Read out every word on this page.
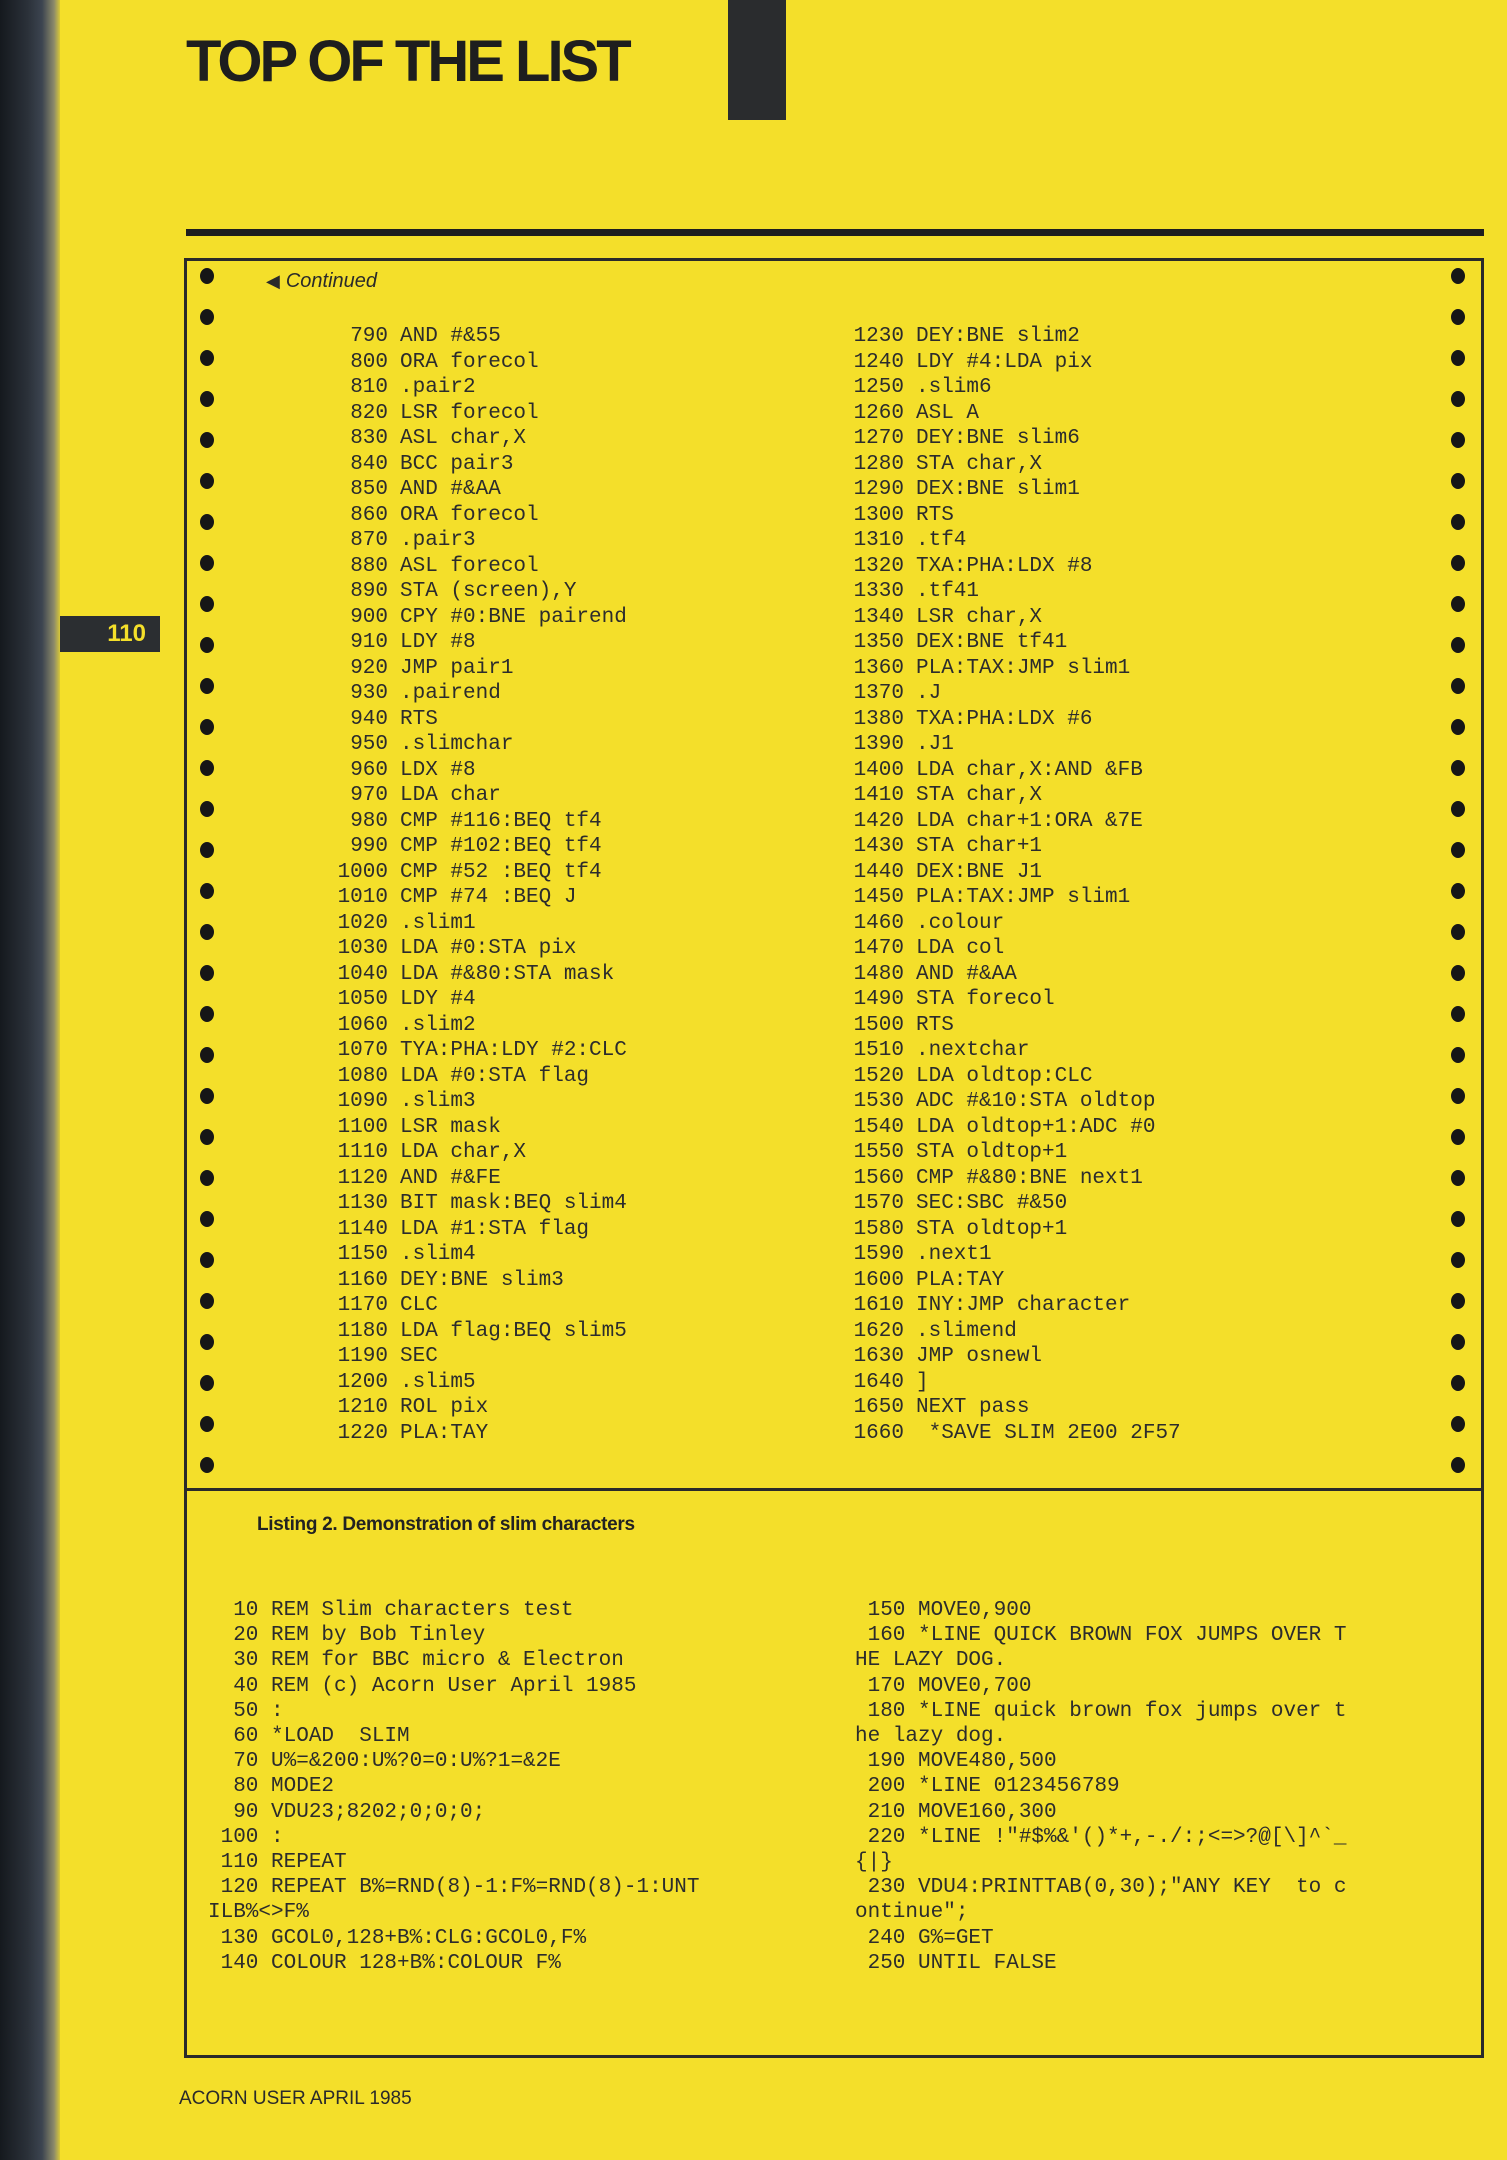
TOP OF THE LIST
110
◀ Continued
790 AND #&55
800 ORA forecol
810 .pair2
820 LSR forecol
830 ASL char,X
840 BCC pair3
850 AND #&AA
860 ORA forecol
870 .pair3
880 ASL forecol
890 STA (screen),Y
900 CPY #0:BNE pairend
910 LDY #8
920 JMP pair1
930 .pairend
940 RTS
950 .slimchar
960 LDX #8
970 LDA char
980 CMP #116:BEQ tf4
990 CMP #102:BEQ tf4
1000 CMP #52 :BEQ tf4
1010 CMP #74 :BEQ J
1020 .slim1
1030 LDA #0:STA pix
1040 LDA #&80:STA mask
1050 LDY #4
1060 .slim2
1070 TYA:PHA:LDY #2:CLC
1080 LDA #0:STA flag
1090 .slim3
1100 LSR mask
1110 LDA char,X
1120 AND #&FE
1130 BIT mask:BEQ slim4
1140 LDA #1:STA flag
1150 .slim4
1160 DEY:BNE slim3
1170 CLC
1180 LDA flag:BEQ slim5
1190 SEC
1200 .slim5
1210 ROL pix
1220 PLA:TAY
1230 DEY:BNE slim2
1240 LDY #4:LDA pix
1250 .slim6
1260 ASL A
1270 DEY:BNE slim6
1280 STA char,X
1290 DEX:BNE slim1
1300 RTS
1310 .tf4
1320 TXA:PHA:LDX #8
1330 .tf41
1340 LSR char,X
1350 DEX:BNE tf41
1360 PLA:TAX:JMP slim1
1370 .J
1380 TXA:PHA:LDX #6
1390 .J1
1400 LDA char,X:AND &FB
1410 STA char,X
1420 LDA char+1:ORA &7E
1430 STA char+1
1440 DEX:BNE J1
1450 PLA:TAX:JMP slim1
1460 .colour
1470 LDA col
1480 AND #&AA
1490 STA forecol
1500 RTS
1510 .nextchar
1520 LDA oldtop:CLC
1530 ADC #&10:STA oldtop
1540 LDA oldtop+1:ADC #0
1550 STA oldtop+1
1560 CMP #&80:BNE next1
1570 SEC:SBC #&50
1580 STA oldtop+1
1590 .next1
1600 PLA:TAY
1610 INY:JMP character
1620 .slimend
1630 JMP osnewl
1640 ]
1650 NEXT pass
1660 *SAVE SLIM 2E00 2F57
Listing 2. Demonstration of slim characters
10 REM Slim characters test
20 REM by Bob Tinley
30 REM for BBC micro & Electron
40 REM (c) Acorn User April 1985
50 :
60 *LOAD  SLIM
70 U%=&200:U%?0=0:U%?1=&2E
80 MODE2
90 VDU23;8202;0;0;0;
100 :
110 REPEAT
120 REPEAT B%=RND(8)-1:F%=RND(8)-1:UNT
ILB%<>F%
130 GCOL0,128+B%:CLG:GCOL0,F%
140 COLOUR 128+B%:COLOUR F%
150 MOVE0,900
160 *LINE QUICK BROWN FOX JUMPS OVER T
HE LAZY DOG.
170 MOVE0,700
180 *LINE quick brown fox jumps over t
he lazy dog.
190 MOVE480,500
200 *LINE 0123456789
210 MOVE160,300
220 *LINE !"#$%&'()*+,-./:;<=>?@[\]^`_
{|}
230 VDU4:PRINTTAB(0,30);"ANY KEY  to c
ontinue";
240 G%=GET
250 UNTIL FALSE
ACORN USER APRIL 1985
